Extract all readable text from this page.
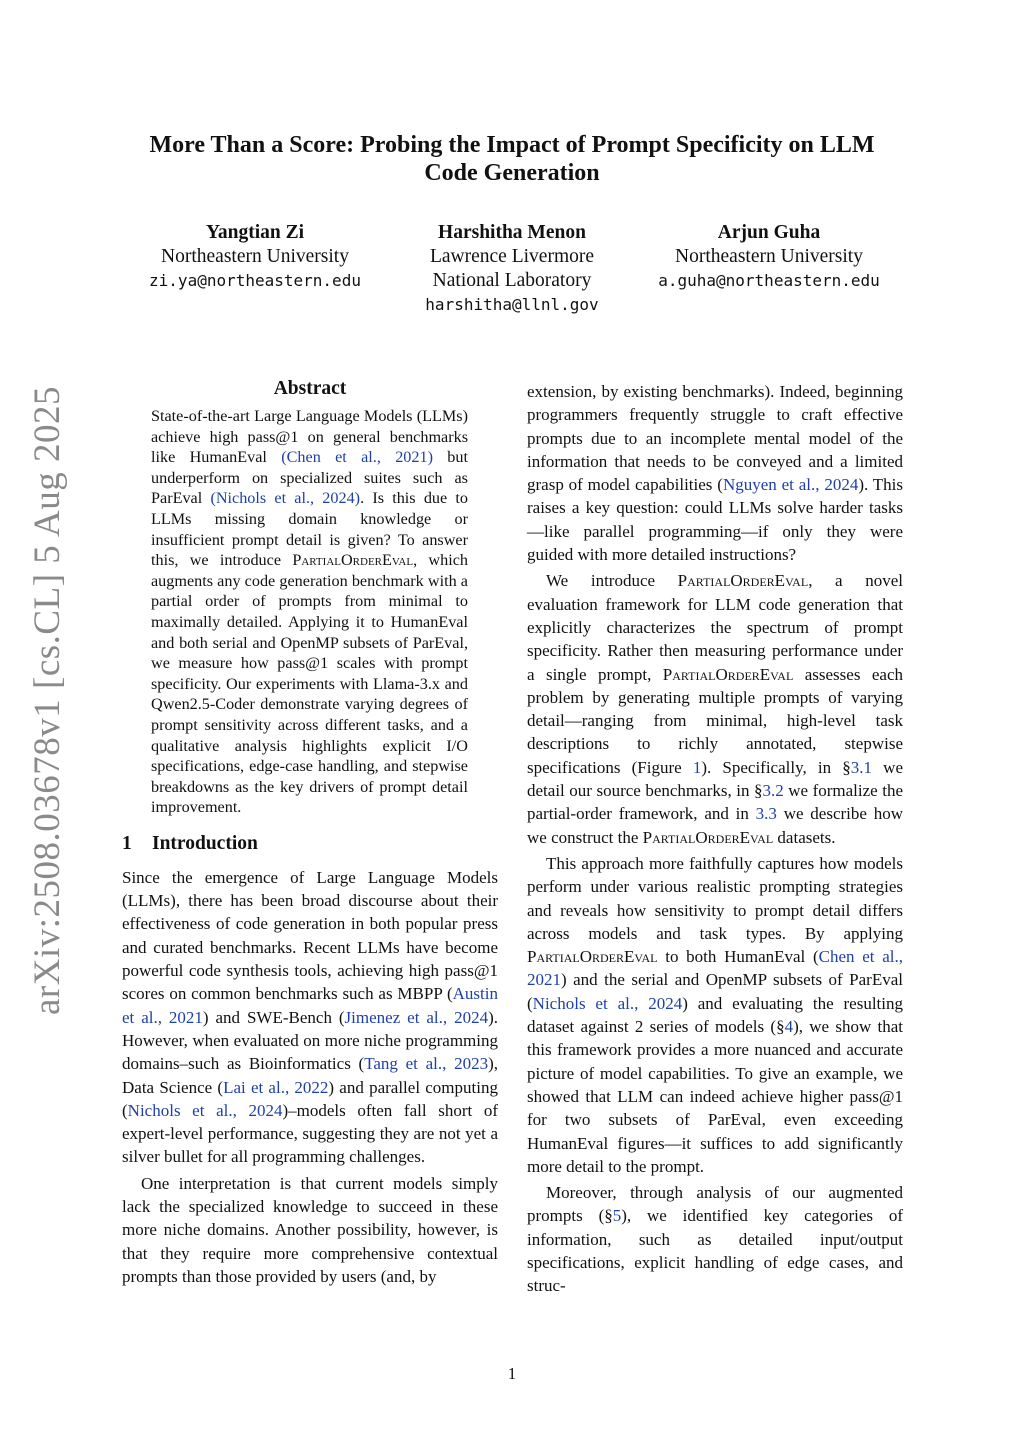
arXiv:2508.03678v1 [cs.CL] 5 Aug 2025
More Than a Score: Probing the Impact of Prompt Specificity on LLM
Code Generation
Yangtian Zi
Northeastern University
zi.ya@northeastern.edu
Harshitha Menon
Lawrence Livermore
National Laboratory
harshitha@llnl.gov
Arjun Guha
Northeastern University
a.guha@northeastern.edu
Abstract

State-of-the-art Large Language Models (LLMs) achieve high pass@1 on general benchmarks like HumanEval (Chen et al., 2021) but underperform on specialized suites such as ParEval (Nichols et al., 2024). Is this due to LLMs missing domain knowledge or insufficient prompt detail is given? To answer this, we introduce PartialOrderEval, which augments any code generation benchmark with a partial order of prompts from minimal to maximally detailed. Applying it to HumanEval and both serial and OpenMP subsets of ParEval, we measure how pass@1 scales with prompt specificity. Our experiments with Llama-3.x and Qwen2.5-Coder demonstrate varying degrees of prompt sensitivity across different tasks, and a qualitative analysis highlights explicit I/O specifications, edge-case handling, and stepwise breakdowns as the key drivers of prompt detail improvement.

1 Introduction

Since the emergence of Large Language Models (LLMs), there has been broad discourse about their effectiveness of code generation in both popular press and curated benchmarks. Recent LLMs have become powerful code synthesis tools, achieving high pass@1 scores on common benchmarks such as MBPP (Austin et al., 2021) and SWE-Bench (Jimenez et al., 2024). However, when evaluated on more niche programming domains–such as Bioinformatics (Tang et al., 2023), Data Science (Lai et al., 2022) and parallel computing (Nichols et al., 2024)–models often fall short of expert-level performance, suggesting they are not yet a silver bullet for all programming challenges.

One interpretation is that current models simply lack the specialized knowledge to succeed in these more niche domains. Another possibility, however, is that they require more comprehensive contextual prompts than those provided by users (and, by

extension, by existing benchmarks). Indeed, beginning programmers frequently struggle to craft effective prompts due to an incomplete mental model of the information that needs to be conveyed and a limited grasp of model capabilities (Nguyen et al., 2024). This raises a key question: could LLMs solve harder tasks—like parallel programming—if only they were guided with more detailed instructions?

We introduce PartialOrderEval, a novel evaluation framework for LLM code generation that explicitly characterizes the spectrum of prompt specificity. Rather then measuring performance under a single prompt, PartialOrderEval assesses each problem by generating multiple prompts of varying detail—ranging from minimal, high-level task descriptions to richly annotated, stepwise specifications (Figure 1). Specifically, in §3.1 we detail our source benchmarks, in §3.2 we formalize the partial-order framework, and in 3.3 we describe how we construct the PartialOrderEval datasets.

This approach more faithfully captures how models perform under various realistic prompting strategies and reveals how sensitivity to prompt detail differs across models and task types. By applying PartialOrderEval to both HumanEval (Chen et al., 2021) and the serial and OpenMP subsets of ParEval (Nichols et al., 2024) and evaluating the resulting dataset against 2 series of models (§4), we show that this framework provides a more nuanced and accurate picture of model capabilities. To give an example, we showed that LLM can indeed achieve higher pass@1 for two subsets of ParEval, even exceeding HumanEval figures—it suffices to add significantly more detail to the prompt.

Moreover, through analysis of our augmented prompts (§5), we identified key categories of information, such as detailed input/output specifications, explicit handling of edge cases, and struc-

1
